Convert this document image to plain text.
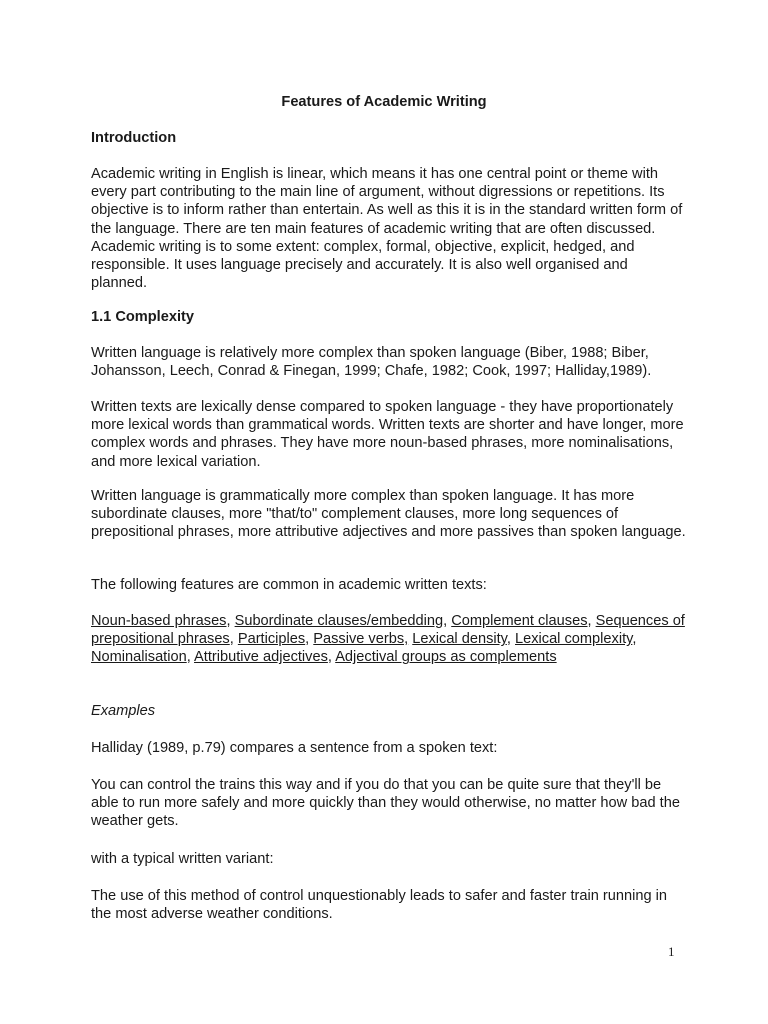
Features of Academic Writing

Introduction

Academic writing in English is linear, which means it has one central point or theme with every part contributing to the main line of argument, without digressions or repetitions. Its objective is to inform rather than entertain. As well as this it is in the standard written form of the language. There are ten main features of academic writing that are often discussed. Academic writing is to some extent: complex, formal, objective, explicit, hedged, and responsible. It uses language precisely and accurately. It is also well organised and planned.

1.1 Complexity

Written language is relatively more complex than spoken language (Biber, 1988; Biber, Johansson, Leech, Conrad & Finegan, 1999; Chafe, 1982; Cook, 1997; Halliday,1989).

Written texts are lexically dense compared to spoken language - they have proportionately more lexical words than grammatical words. Written texts are shorter and have longer, more complex words and phrases. They have more noun-based phrases, more nominalisations, and more lexical variation.

Written language is grammatically more complex than spoken language. It has more subordinate clauses, more "that/to" complement clauses, more long sequences of prepositional phrases, more attributive adjectives and more passives than spoken language.

The following features are common in academic written texts:

Noun-based phrases, Subordinate clauses/embedding, Complement clauses, Sequences of prepositional phrases, Participles, Passive verbs, Lexical density, Lexical complexity, Nominalisation, Attributive adjectives, Adjectival groups as complements

Examples

Halliday (1989, p.79) compares a sentence from a spoken text:

You can control the trains this way and if you do that you can be quite sure that they'll be able to run more safely and more quickly than they would otherwise, no matter how bad the weather gets.

with a typical written variant:

The use of this method of control unquestionably leads to safer and faster train running in the most adverse weather conditions.

1
